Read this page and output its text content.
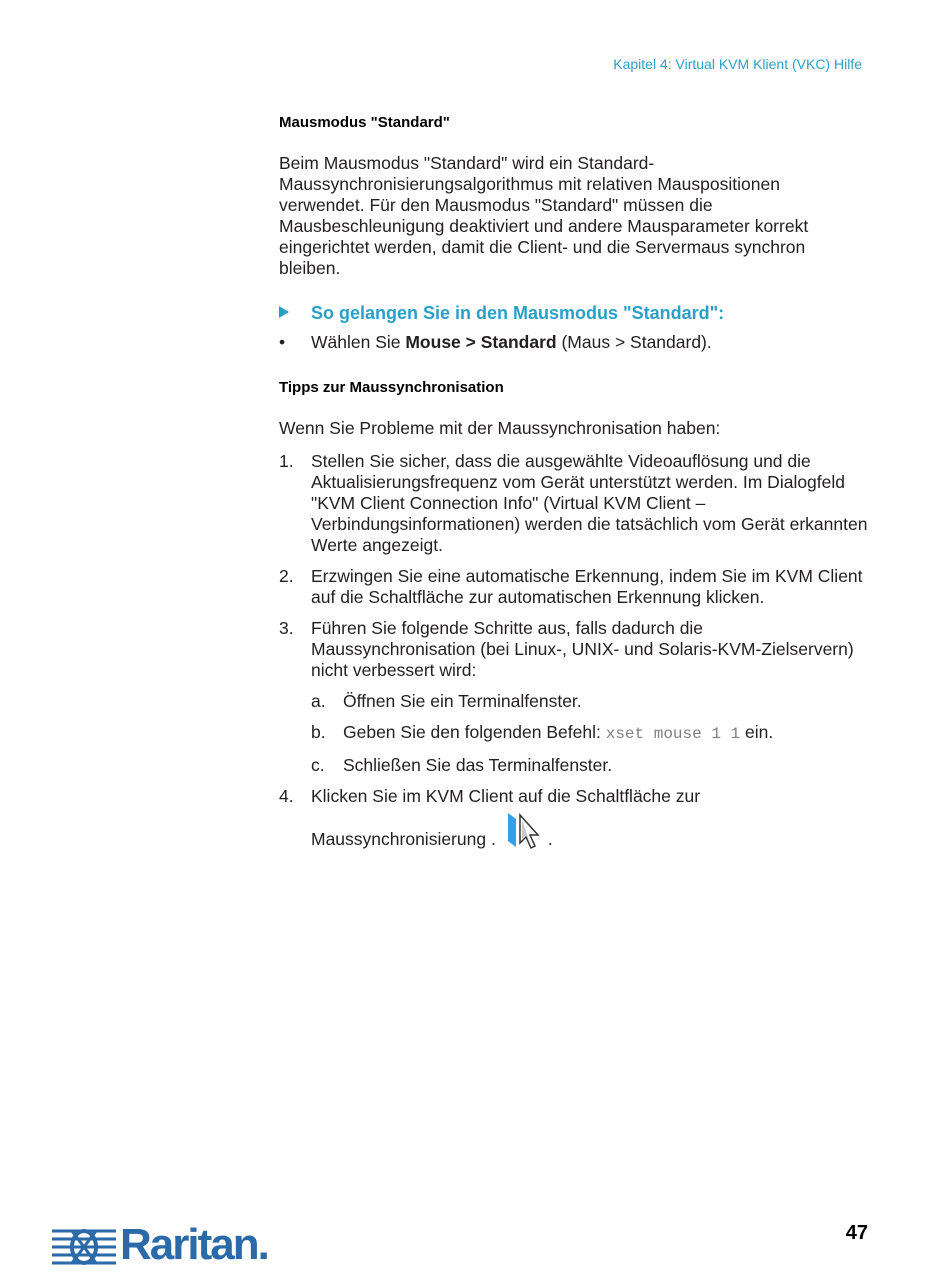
Kapitel 4: Virtual KVM Klient (VKC) Hilfe
Mausmodus "Standard"

Beim Mausmodus "Standard" wird ein Standard-Maussynchronisierungsalgorithmus mit relativen Mauspositionen verwendet. Für den Mausmodus "Standard" müssen die Mausbeschleunigung deaktiviert und andere Mausparameter korrekt eingerichtet werden, damit die Client- und die Servermaus synchron bleiben.

So gelangen Sie in den Mausmodus "Standard":
•	Wählen Sie Mouse > Standard (Maus > Standard).
Tipps zur Maussynchronisation

Wenn Sie Probleme mit der Maussynchronisation haben:

1. Stellen Sie sicher, dass die ausgewählte Videoauflösung und die Aktualisierungsfrequenz vom Gerät unterstützt werden. Im Dialogfeld "KVM Client Connection Info" (Virtual KVM Client – Verbindungsinformationen) werden die tatsächlich vom Gerät erkannten Werte angezeigt.
2. Erzwingen Sie eine automatische Erkennung, indem Sie im KVM Client auf die Schaltfläche zur automatischen Erkennung klicken.
3. Führen Sie folgende Schritte aus, falls dadurch die Maussynchronisation (bei Linux-, UNIX- und Solaris-KVM-Zielservern) nicht verbessert wird:
a. Öffnen Sie ein Terminalfenster.
b. Geben Sie den folgenden Befehl: xset mouse 1 1 ein.
c.	Schließen Sie das Terminalfenster.
4. Klicken Sie im KVM Client auf die Schaltfläche zur
Maussynchronisierung .	.
Raritan.	47
